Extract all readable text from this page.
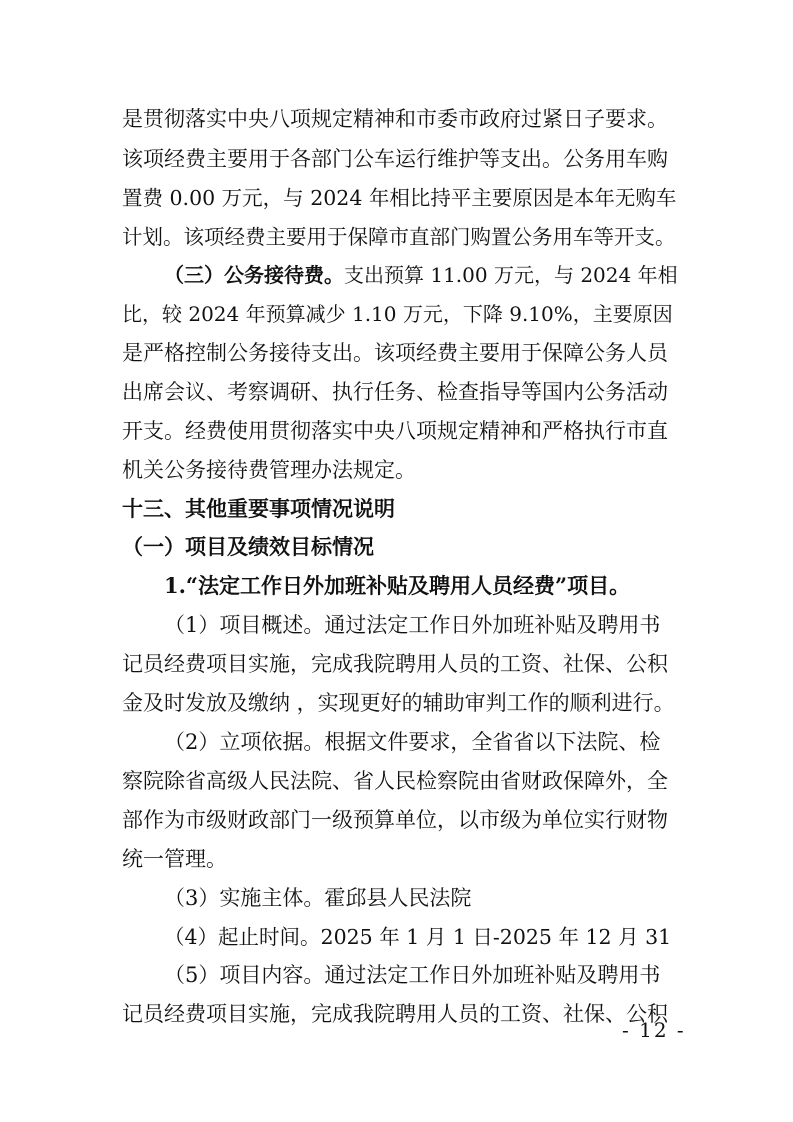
是贯彻落实中央八项规定精神和市委市政府过紧日子要求。
该项经费主要用于各部门公车运行维护等支出。公务用车购
置费 0.00 万元，与 2024 年相比持平主要原因是本年无购车
计划。该项经费主要用于保障市直部门购置公务用车等开支。
（三）公务接待费。支出预算 11.00 万元，与 2024 年相
比，较 2024 年预算减少 1.10 万元，下降 9.10%，主要原因
是严格控制公务接待支出。该项经费主要用于保障公务人员
出席会议、考察调研、执行任务、检查指导等国内公务活动
开支。经费使用贯彻落实中央八项规定精神和严格执行市直
机关公务接待费管理办法规定。
十三、其他重要事项情况说明
（一）项目及绩效目标情况
1.“法定工作日外加班补贴及聘用人员经费”项目。
（1）项目概述。通过法定工作日外加班补贴及聘用书
记员经费项目实施，完成我院聘用人员的工资、社保、公积
金及时发放及缴纳 ，实现更好的辅助审判工作的顺利进行。
（2）立项依据。根据文件要求，全省省以下法院、检
察院除省高级人民法院、省人民检察院由省财政保障外，全
部作为市级财政部门一级预算单位，以市级为单位实行财物
统一管理。
（3）实施主体。霍邱县人民法院
（4）起止时间。2025 年 1 月 1 日-2025 年 12 月 31
（5）项目内容。通过法定工作日外加班补贴及聘用书
记员经费项目实施，完成我院聘用人员的工资、社保、公积
- 12 -
